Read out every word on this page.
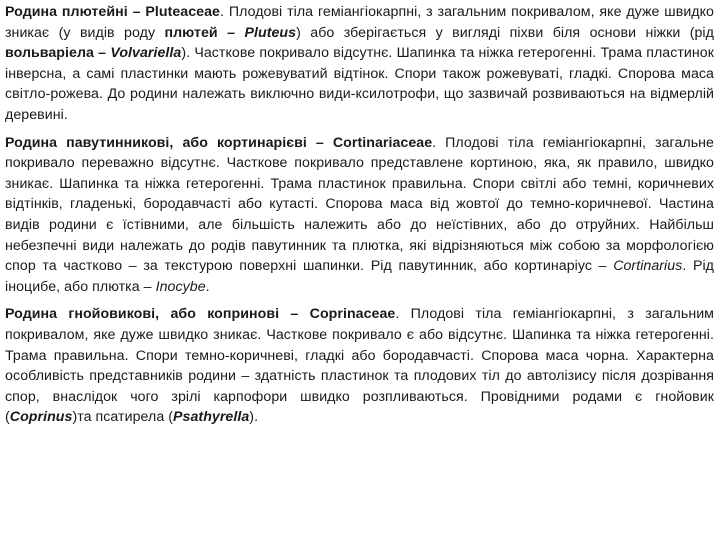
Родина плютейні – Pluteaceae. Плодові тіла геміангіокарпні, з загальним покривалом, яке дуже швидко зникає (у видів роду плютей – Pluteus) або зберігається у вигляді піхви біля основи ніжки (рід вольваріела – Volvariella). Часткове покривало відсутнє. Шапинка та ніжка гетерогенні. Трама пластинок інверсна, а самі пластинки мають рожевуватий відтінок. Спори також рожевуваті, гладкі. Спорова маса світло-рожева. До родини належать виключно види-ксилотрофи, що зазвичай розвиваються на відмерлій деревині.

Родина павутинникові, або кортинарієві – Cortinariaceae. Плодові тіла геміангіокарпні, загальне покривало переважно відсутнє. Часткове покривало представлене кортиною, яка, як правило, швидко зникає. Шапинка та ніжка гетерогенні. Трама пластинок правильна. Спори світлі або темні, коричневих відтінків, гладенькі, бородавчасті або кутасті. Спорова маса від жовтої до темно-коричневої. Частина видів родини є їстівними, але більшість належить або до неїстівних, або до отруйних. Найбільш небезпечні види належать до родів павутинник та плютка, які відрізняються між собою за морфологією спор та частково – за текстурою поверхні шапинки. Рід павутинник, або кортинаріус – Cortinarius. Рід іноцибе, або плютка – Inocybe.

Родина гнойовикові, або копринові – Coprinaceae. Плодові тіла геміангіокарпні, з загальним покривалом, яке дуже швидко зникає. Часткове покривало є або відсутнє. Шапинка та ніжка гетерогенні. Трама правильна. Спори темно-коричневі, гладкі або бородавчасті. Спорова маса чорна. Характерна особливість представників родини – здатність пластинок та плодових тіл до автолізису після дозрівання спор, внаслідок чого зрілі карпофори швидко розпливаються. Провідними родами є гнойовик (Coprinus)та псатирела (Psathyrella).
